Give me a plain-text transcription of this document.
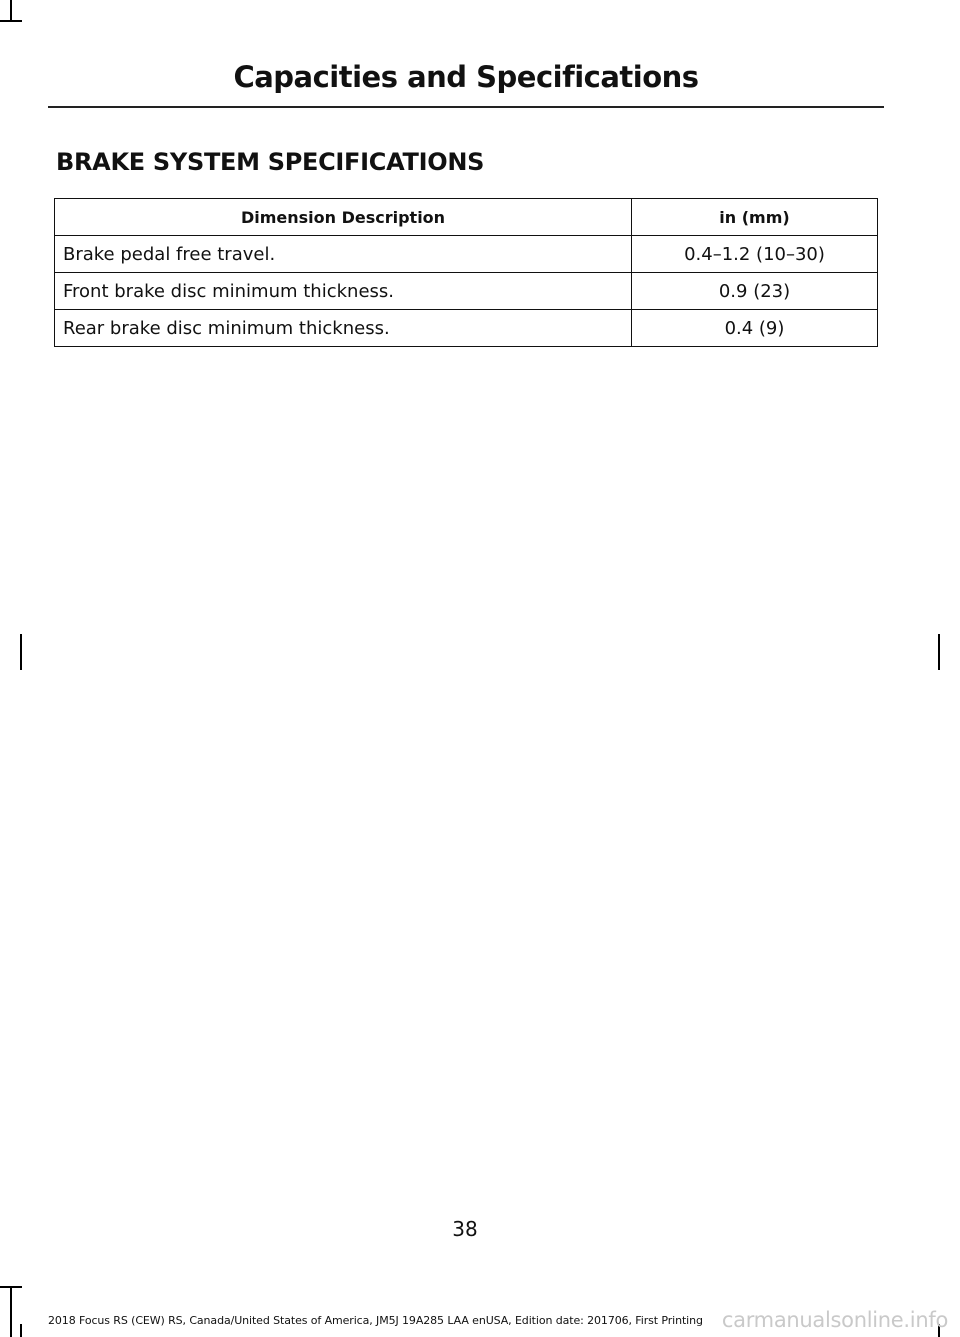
Capacities and Specifications
BRAKE SYSTEM SPECIFICATIONS
Dimension Description	in (mm)
Brake pedal free travel.	0.4–1.2 (10–30)
Front brake disc minimum thickness.	0.9 (23)
Rear brake disc minimum thickness.	0.4 (9)
38
2018 Focus RS (CEW) RS, Canada/United States of America, JM5J 19A285 LAA enUSA, Edition date: 201706, First Printing carmanualsonline.info
